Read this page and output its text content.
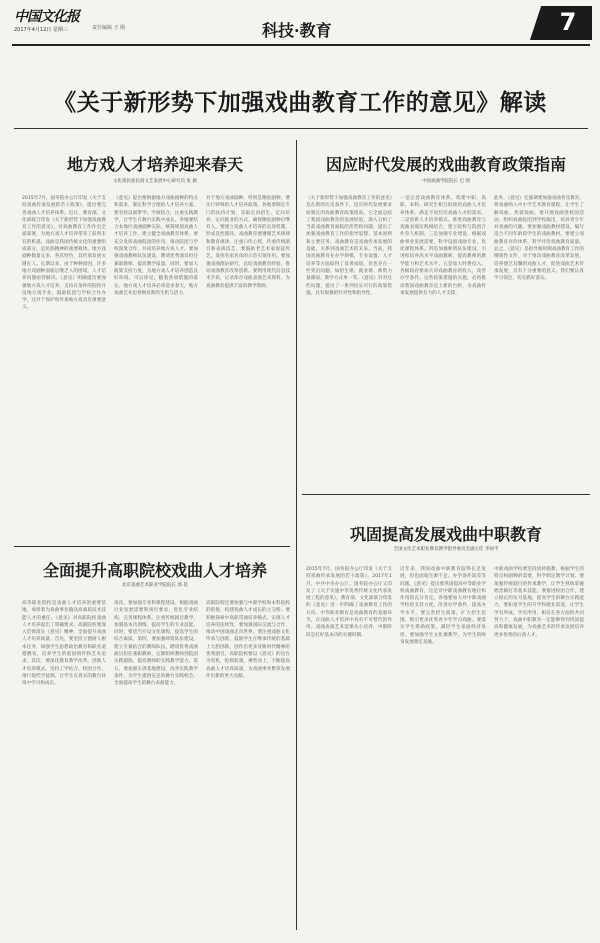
中国文化报
2017年4月12日 星期三	责任编辑 王 刚	科技·教育	7
《关于新形势下加强戏曲教育工作的意见》解读
地方戏人才培养迎来春天
文化部民族民间文艺发展中心研究员 张 毅
2015年7月，国务院办公厅印发《关于支持戏曲传承发展的若干政策》，提出要完善戏曲人才培养体系。近日，教育部、文化部联合印发《关于新形势下加强戏曲教育工作的意见》，对戏曲教育工作作出全面部署，为地方戏人才培养带来了前所未有的机遇。戏曲是我国传统文化的重要组成部分，是民族精神的重要载体。地方戏剧种数量众多，各具特色，其传承发展关键在人。长期以来，由于种种原因，许多地方戏剧种面临后继乏人的困境，人才培养问题亟待解决。《意见》明确提出要加强地方戏人才培养，支持有条件的院校开设地方戏专业，鼓励院团与学校合作办学，这对于保护和传承地方戏具有重要意义。
《意见》提出要根据地方戏曲剧种的特点和需求，制定科学合理的人才培养方案。要坚持以演带学、学演结合，注重实践教学，让学生在舞台实践中成长。各地要结合本地区戏曲剧种实际，统筹规划戏曲人才培养工作，建立健全戏曲教育体系。要充分发挥戏曲院团的作用，推动院团与学校深度合作，共同培养地方戏人才。要加强戏曲教师队伍建设，聘请优秀演员担任兼职教师，提高教学质量。同时，要加大政策支持力度，为地方戏人才培养创造良好环境。可以预见，随着各项措施的落实，地方戏人才培养必将迎来春天，地方戏曲艺术也将焕发新的生机与活力。
对于地方戏曲剧种，特别是濒危剧种，要实行特殊的人才培养政策。各地要制定专门的扶持计划，采取定向招生、定向培养、定向就业的方式，确保濒危剧种后继有人。要建立戏曲人才培养的长效机制，形成良性循环。戏曲教育要遵循艺术规律和教育规律，注重口传心授，传承传统剧目和表演技艺。要鼓励老艺术家收徒传艺，发挥名家名角的示范引领作用。要加强戏曲理论研究，总结戏曲教育经验，推动戏曲教育改革创新。要利用现代信息技术手段，记录保存戏曲表演艺术资料，为戏曲教育提供丰富的教学资源。
全面提升高职院校戏曲人才培养
北京戏曲艺术职业学院院长 郭 蓓
高等职业院校是戏曲人才培养的重要基地，承担着为戏曲事业输送高素质技术技能人才的重任。《意见》对高职院校戏曲人才培养提出了明确要求。高职院校要深入贯彻落实《意见》精神，全面提升戏曲人才培养质量。首先，要坚持立德树人根本任务，加强学生思想政治教育和职业道德教育，培养学生的爱国情怀和艺术追求。其次，要深化教育教学改革，创新人才培养模式。坚持工学结合、校团合作，推行现代学徒制，让学生在真实的舞台环境中学习和成长。
再次，要加强专业和课程建设。根据戏曲行业发展需要和岗位要求，优化专业结构，完善课程体系。注重传统剧目教学，加强基本功训练，提高学生的专业技能。同时，要适当开设文化课程，提高学生的综合素质。第四，要加强师资队伍建设。建立专兼结合的教师队伍，聘请优秀戏曲演员担任兼职教师，定期组织教师到院团实践锻炼，提高教师的实践教学能力。第五，要加强实训基地建设，改善实践教学条件，为学生提供充足的舞台实践机会，全面提高学生的舞台表演能力。
高职院校还要加强与中职学校和本科院校的衔接，构建戏曲人才成长的立交桥。要积极探索中高职贯通培养模式，实现人才培养的连续性。要加强国际交流与合作，推动中国戏曲走向世界。要注重戏曲文化传承与创新，鼓励学生在继承传统的基础上大胆创新，创作出更多反映时代精神的优秀剧目。高职院校要以《意见》的出台为契机，抢抓机遇，乘势而上，不断提高戏曲人才培养质量，为戏曲事业繁荣发展作出新的更大贡献。
因应时代发展的戏曲教育政策指南
中国戏曲学院院长 巴 图
《关于新形势下加强戏曲教育工作的意见》是在新的历史条件下，适应时代发展要求而制定的戏曲教育政策指南。它全面总结了我国戏曲教育的发展经验，深入分析了当前戏曲教育面临的形势和问题，提出了加强戏曲教育工作的指导思想、基本原则和主要任务。戏曲教育是戏曲传承发展的基础，关系到戏曲艺术的未来。当前，我国戏曲教育在办学规模、专业设置、人才培养等方面取得了显著成绩，但也存在一些突出问题，如招生难、就业难、师资力量薄弱、教学方式单一等。《意见》针对这些问题，提出了一系列切实可行的政策措施，具有很强的针对性和指导性。
一是完善戏曲教育体系。构建中职、高职、本科、研究生相互衔接的戏曲人才培养体系，满足不同层次戏曲人才的需求。二是创新人才培养模式。推进戏曲教育与戏曲表演实践相结合，建立院校与院团合作育人机制。三是加强专业建设。根据戏曲事业发展需要，科学设置戏曲专业，优化课程体系。四是加强师资队伍建设。引进和培养高水平戏曲教师，提高教师的教学能力和艺术水平。五是加大经费投入。各级政府要加大对戏曲教育的投入，改善办学条件。这些政策措施的实施，必将推动我国戏曲教育迈上新的台阶，为戏曲传承发展提供有力的人才支撑。
此外，《意见》还强调要加强戏曲普及教育，将戏曲纳入中小学艺术教育课程，让学生了解戏曲、热爱戏曲。要开展戏曲进校园活动，组织戏曲院团到学校演出，培养青少年对戏曲的兴趣。要加强戏曲教材建设，编写适合不同年龄段学生的戏曲教材。要建立戏曲教育评价体系，科学评价戏曲教育质量。总之，《意见》是指导新时期戏曲教育工作的纲领性文件，对于推动戏曲教育改革发展，培养德艺双馨的戏曲人才，促进戏曲艺术传承发展，具有十分重要的意义。我们要认真学习领会，切实抓好落实。
巩固提高发展戏曲中职教育
全国文化艺术职业教育教学指导委员会副主任 李国平
2015年7月，国务院办公厅印发《关于支持戏曲传承发展的若干政策》，2017年1月，中共中央办公厅、国务院办公厅又印发了《关于实施中华优秀传统文化传承发展工程的意见》。教育部、文化部联合印发的《意见》进一步明确了戏曲教育工作的方向。中等职业教育是戏曲教育的基础环节，在戏曲人才培养中具有不可替代的作用。戏曲表演艺术需要从小培养，中职阶段是打好基本功的关键时期。
近年来，我国戏曲中职教育取得长足发展，但也面临生源不足、办学条件较差等问题。《意见》提出要巩固提高中等职业学校戏曲教育，这是对中职戏曲教育地位和作用的充分肯定。各地要加大对中职戏曲学校的支持力度，改善办学条件，提高办学水平。要完善招生政策，扩大招生范围，吸引更多优秀青少年学习戏曲。要落实学生资助政策，减轻学生家庭经济负担。要加强学生文化课教学，为学生的终身发展奠定基础。
中职戏曲学校要坚持因材施教，根据学生的特点和剧种的需要，科学制定教学计划。要加强传统剧目的传承教学，让学生熟练掌握唱念做打等基本技能。要推进校团合作，建立稳定的实习基地，提高学生的舞台实践能力。要拓宽学生的升学和就业渠道，让学生学有所成、学有所用。相信在各方面的共同努力下，戏曲中职教育一定能够得到巩固提高和健康发展，为戏曲艺术的传承发展培养更多优秀的后备人才。
